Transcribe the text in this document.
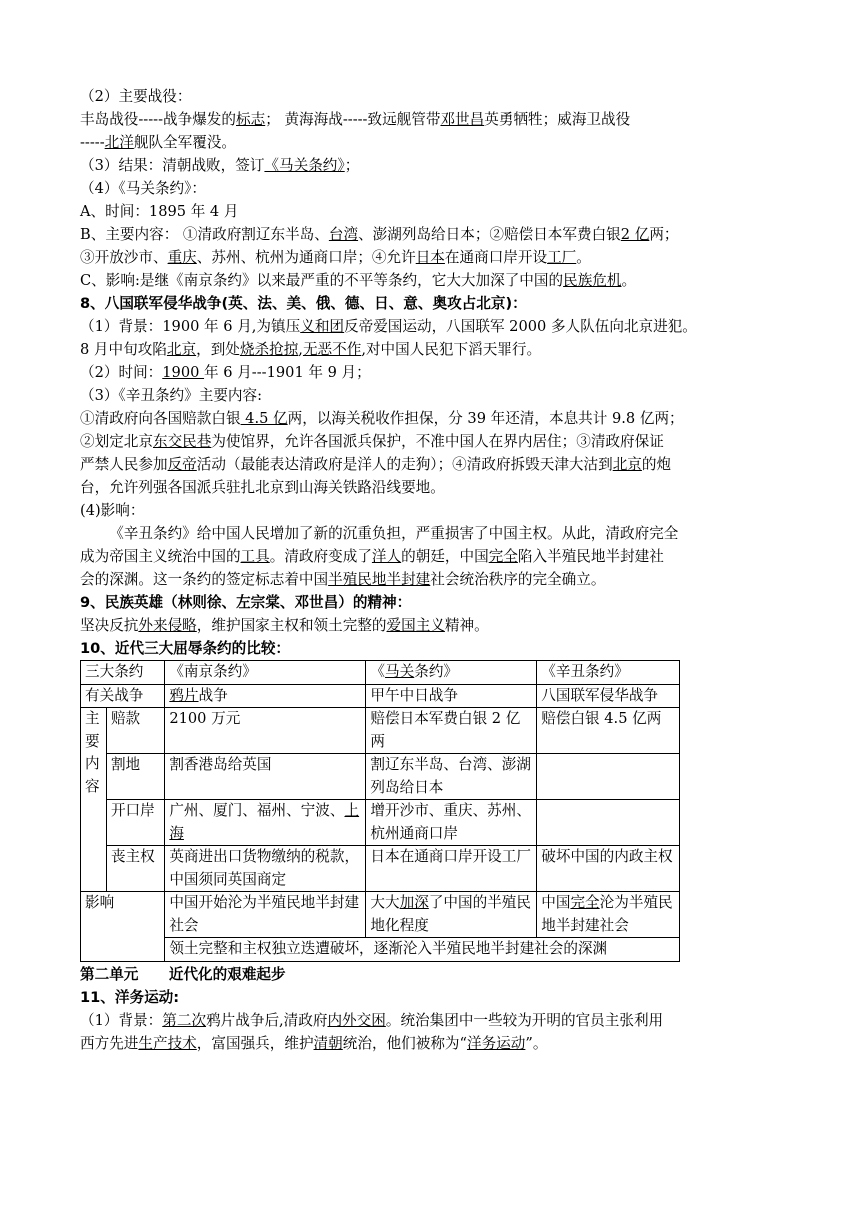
（2）主要战役：
丰岛战役-----战争爆发的标志； 黄海海战-----致远舰管带邓世昌英勇牺牲；威海卫战役
-----北洋舰队全军覆没。
（3）结果：清朝战败，签订《马关条约》；
（4）《马关条约》：
A、时间：1895 年 4 月
B、主要内容： ①清政府割辽东半岛、台湾、澎湖列岛给日本；②赔偿日本军费白银2 亿两；
③开放沙市、重庆、苏州、杭州为通商口岸；④允许日本在通商口岸开设工厂。
C、影响:是继《南京条约》以来最严重的不平等条约，它大大加深了中国的民族危机。
8、八国联军侵华战争(英、法、美、俄、德、日、意、奥攻占北京)：
（1）背景：1900 年 6 月,为镇压义和团反帝爱国运动，八国联军 2000 多人队伍向北京进犯。
8 月中旬攻陷北京，到处烧杀抢掠,无恶不作,对中国人民犯下滔天罪行。
（2）时间：1900 年 6 月---1901 年 9 月；
（3）《辛丑条约》主要内容:
①清政府向各国赔款白银 4.5 亿两，以海关税收作担保，分 39 年还清，本息共计 9.8 亿两；
②划定北京东交民巷为使馆界，允许各国派兵保护，不准中国人在界内居住；③清政府保证
严禁人民参加反帝活动（最能表达清政府是洋人的走狗）；④清政府拆毁天津大沽到北京的炮
台，允许列强各国派兵驻扎北京到山海关铁路沿线要地。
(4)影响：
《辛丑条约》给中国人民增加了新的沉重负担，严重损害了中国主权。从此，清政府完全
成为帝国主义统治中国的工具。清政府变成了洋人的朝廷，中国完全陷入半殖民地半封建社
会的深渊。这一条约的签定标志着中国半殖民地半封建社会统治秩序的完全确立。
9、民族英雄（林则徐、左宗棠、邓世昌）的精神：
坚决反抗外来侵略，维护国家主权和领土完整的爱国主义精神。
10、近代三大屈辱条约的比较：
三大条约		《南京条约》	《马关条约》	《辛丑条约》
有关战争		鸦片战争	甲午中日战争	八国联军侵华战争
主要内容	赔款	2100 万元	赔偿日本军费白银 2 亿两	赔偿白银 4.5 亿两
	割地	割香港岛给英国	割辽东半岛、台湾、澎湖列岛给日本	
	开口岸	广州、厦门、福州、宁波、上海	增开沙市、重庆、苏州、杭州通商口岸	
	丧主权	英商进出口货物缴纳的税款，中国须同英国商定	日本在通商口岸开设工厂	破坏中国的内政主权
影响		中国开始沦为半殖民地半封建社会	大大加深了中国的半殖民地化程度	中国完全沦为半殖民地半封建社会
		领土完整和主权独立迭遭破坏，逐渐沦入半殖民地半封建社会的深渊		
第二单元      近代化的艰难起步
11、洋务运动:
（1）背景：第二次鸦片战争后,清政府内外交困。统治集团中一些较为开明的官员主张利用
西方先进生产技术，富国强兵，维护清朝统治，他们被称为“洋务运动”。
